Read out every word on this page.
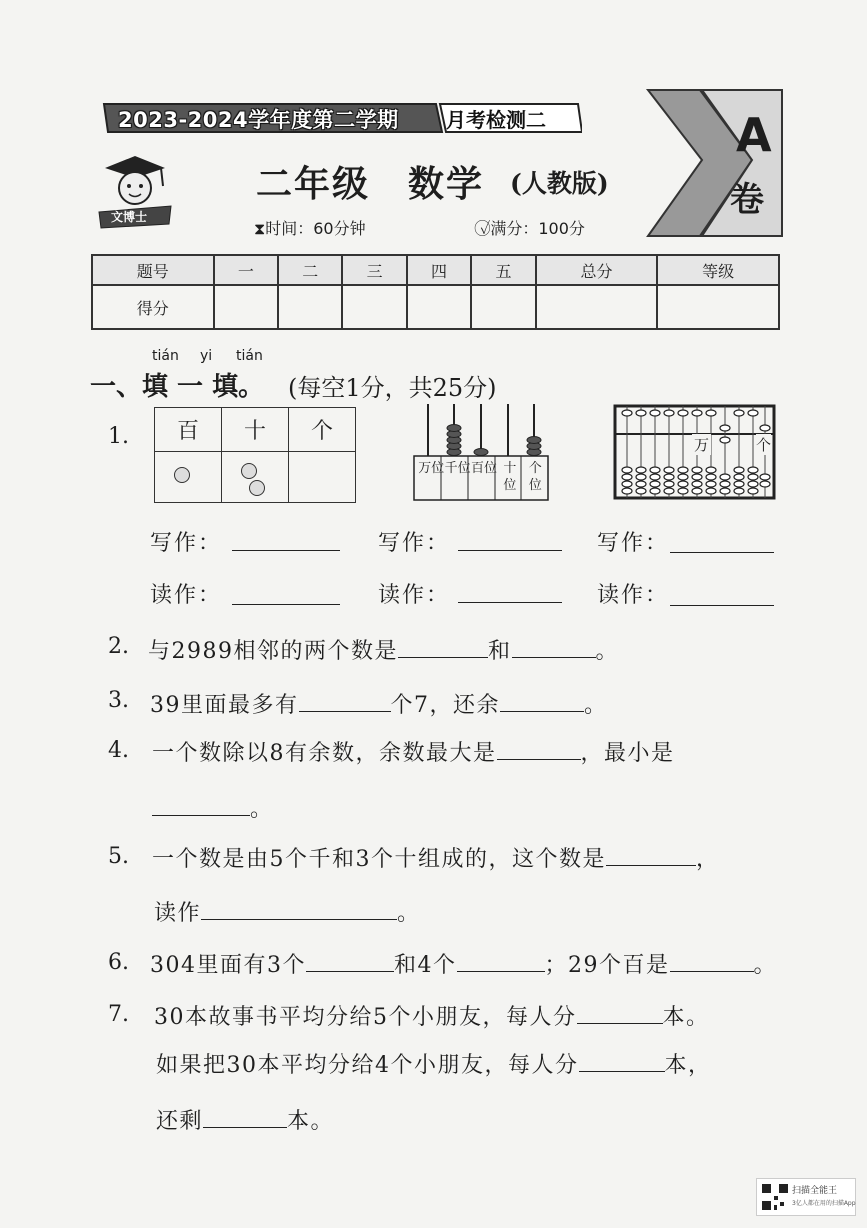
2023-2024学年度第二学期 月考检测二	A
卷
文博士
二年级　数学 (人教版)
⧗时间：60分钟	✓⃝满分：100分
题号	一	二	三	四	五	总分	等级
得分							
tián yi tián
一、填 一 填。 (每空1分，共25分)
1. 百	十	个

万位 千位 百位 十位
个位
万	个
写作：	写作：	写作：
读作：	读作：	读作：
2. 与2989相邻的两个数是	和	。
3. 39里面最多有	个7，还余	。
4. 一个数除以8有余数，余数最大是	，最小是
。
5. 一个数是由5个千和3个十组成的，这个数是	，
读作	。
6. 304里面有3个	和4个	；29个百是	。
7. 30本故事书平均分给5个小朋友，每人分	本。
如果把30本平均分给4个小朋友，每人分	本，
还剩	本。
扫描全能王
3亿人都在用的扫描App
